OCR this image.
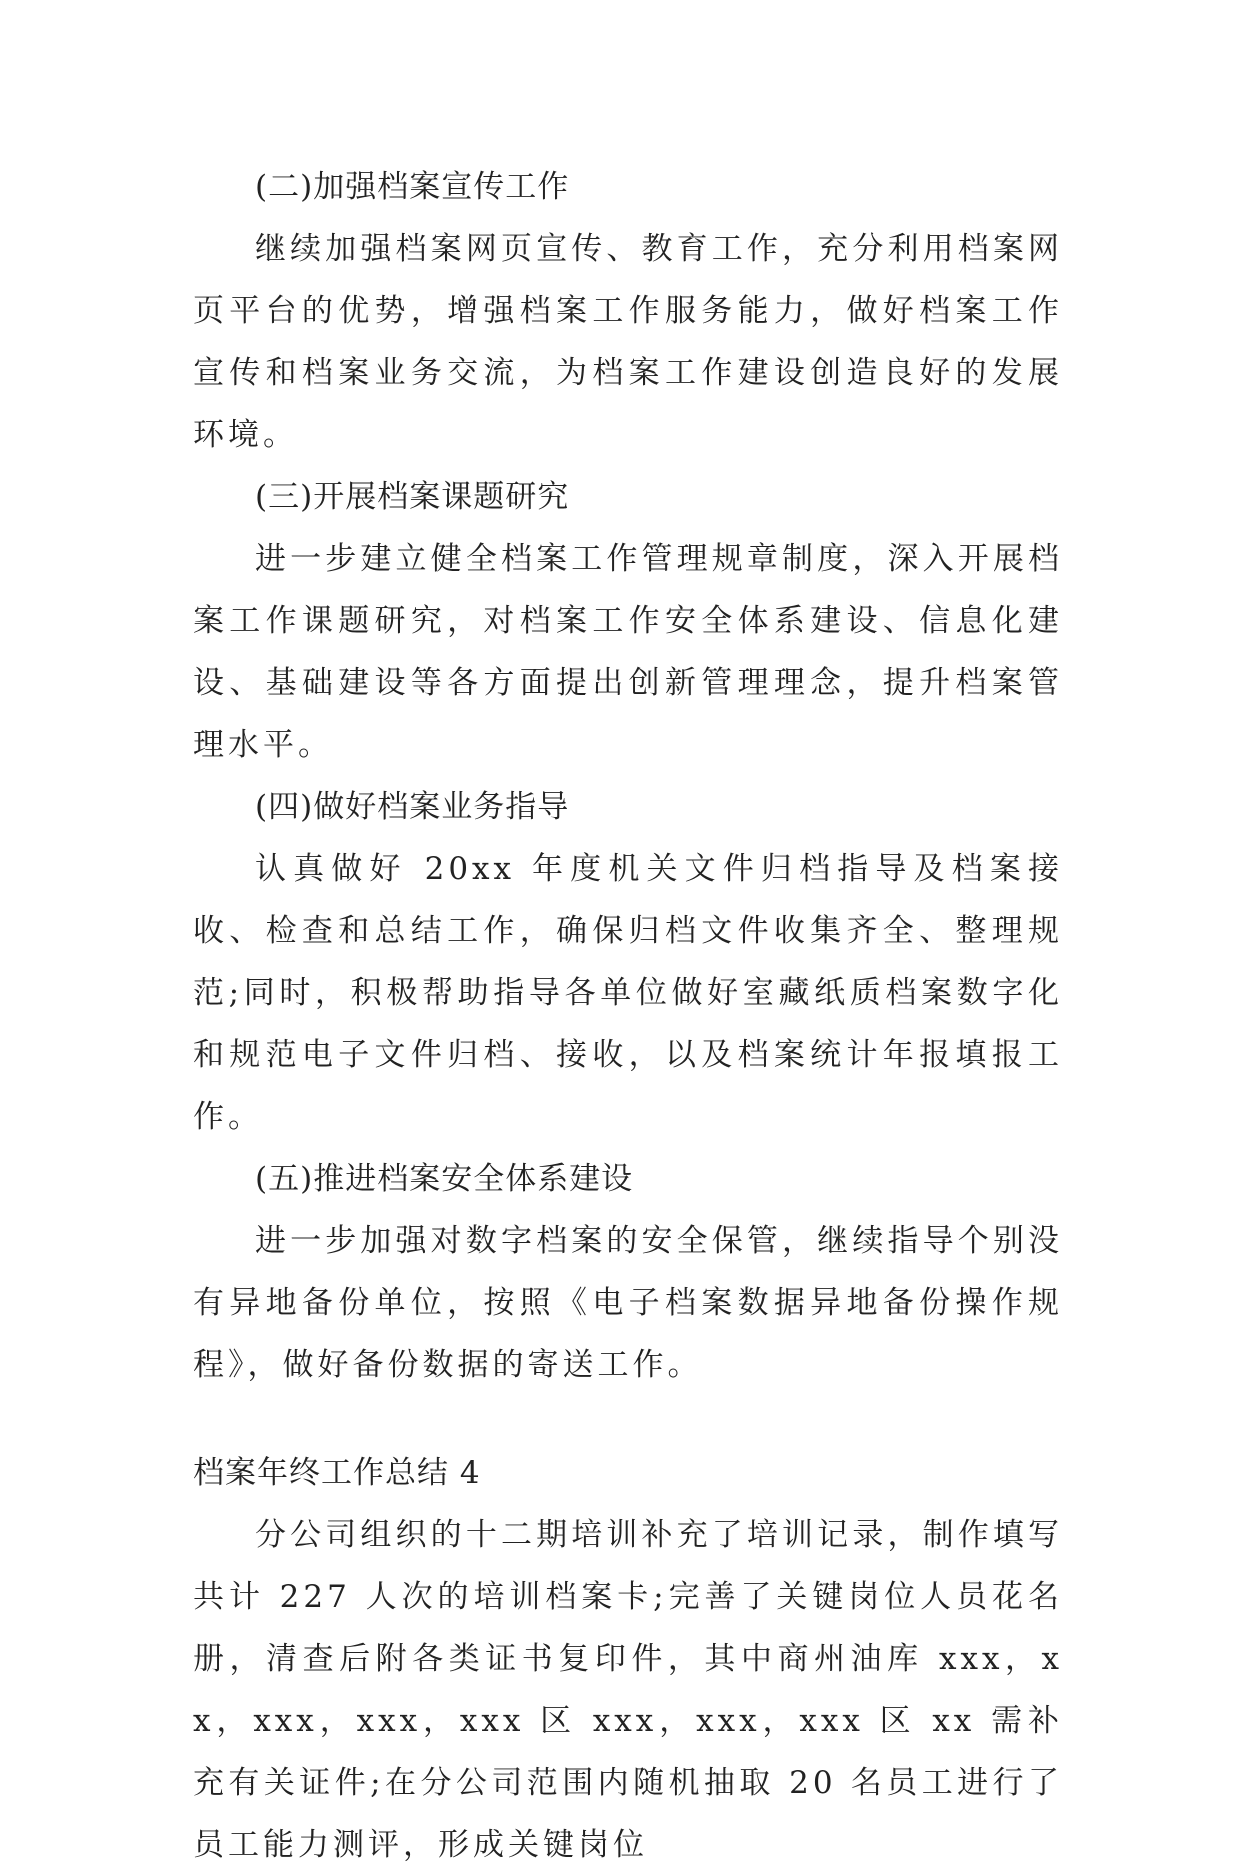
(二)加强档案宣传工作

继续加强档案网页宣传、教育工作，充分利用档案网页平台的优势，增强档案工作服务能力，做好档案工作宣传和档案业务交流，为档案工作建设创造良好的发展环境。

(三)开展档案课题研究

进一步建立健全档案工作管理规章制度，深入开展档案工作课题研究，对档案工作安全体系建设、信息化建设、基础建设等各方面提出创新管理理念，提升档案管理水平。

(四)做好档案业务指导

认真做好 20xx 年度机关文件归档指导及档案接收、检查和总结工作，确保归档文件收集齐全、整理规范;同时，积极帮助指导各单位做好室藏纸质档案数字化和规范电子文件归档、接收，以及档案统计年报填报工作。

(五)推进档案安全体系建设

进一步加强对数字档案的安全保管，继续指导个别没有异地备份单位，按照《电子档案数据异地备份操作规程》，做好备份数据的寄送工作。

档案年终工作总结 4

分公司组织的十二期培训补充了培训记录，制作填写共计 227 人次的培训档案卡;完善了关键岗位人员花名册，清查后附各类证书复印件，其中商州油库 xxx，xx，xxx，xxx，xxx 区 xxx，xxx，xxx 区 xx 需补充有关证件;在分公司范围内随机抽取 20 名员工进行了员工能力测评，形成关键岗位
